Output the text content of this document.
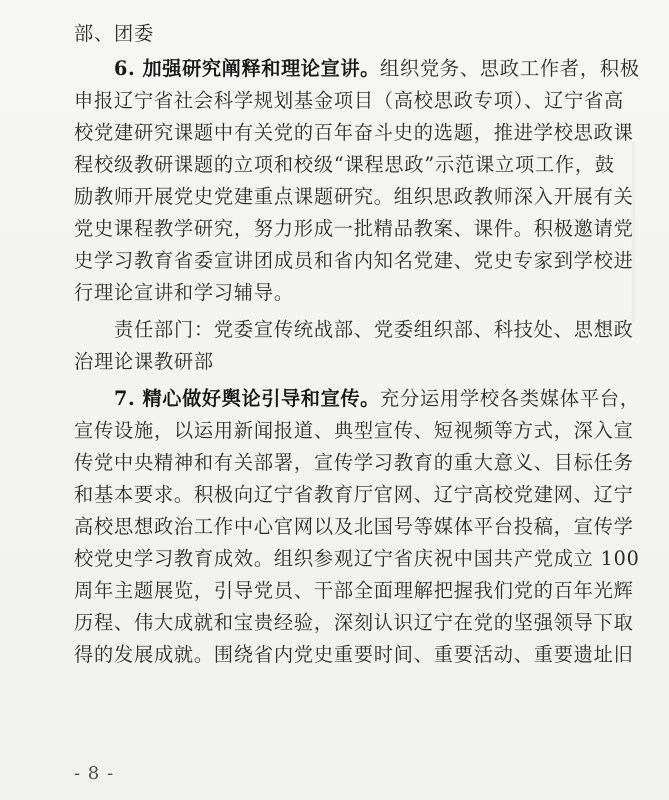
部、团委

6. 加强研究阐释和理论宣讲。组织党务、思政工作者，积极

申报辽宁省社会科学规划基金项目（高校思政专项）、辽宁省高

校党建研究课题中有关党的百年奋斗史的选题，推进学校思政课

程校级教研课题的立项和校级“课程思政”示范课立项工作，鼓

励教师开展党史党建重点课题研究。组织思政教师深入开展有关

党史课程教学研究，努力形成一批精品教案、课件。积极邀请党

史学习教育省委宣讲团成员和省内知名党建、党史专家到学校进

行理论宣讲和学习辅导。

责任部门：党委宣传统战部、党委组织部、科技处、思想政

治理论课教研部

7. 精心做好舆论引导和宣传。充分运用学校各类媒体平台，

宣传设施，以运用新闻报道、典型宣传、短视频等方式，深入宣

传党中央精神和有关部署，宣传学习教育的重大意义、目标任务

和基本要求。积极向辽宁省教育厅官网、辽宁高校党建网、辽宁

高校思想政治工作中心官网以及北国号等媒体平台投稿，宣传学

校党史学习教育成效。组织参观辽宁省庆祝中国共产党成立 100

周年主题展览，引导党员、干部全面理解把握我们党的百年光辉

历程、伟大成就和宝贵经验，深刻认识辽宁在党的坚强领导下取

得的发展成就。围绕省内党史重要时间、重要活动、重要遗址旧

- 8 -
